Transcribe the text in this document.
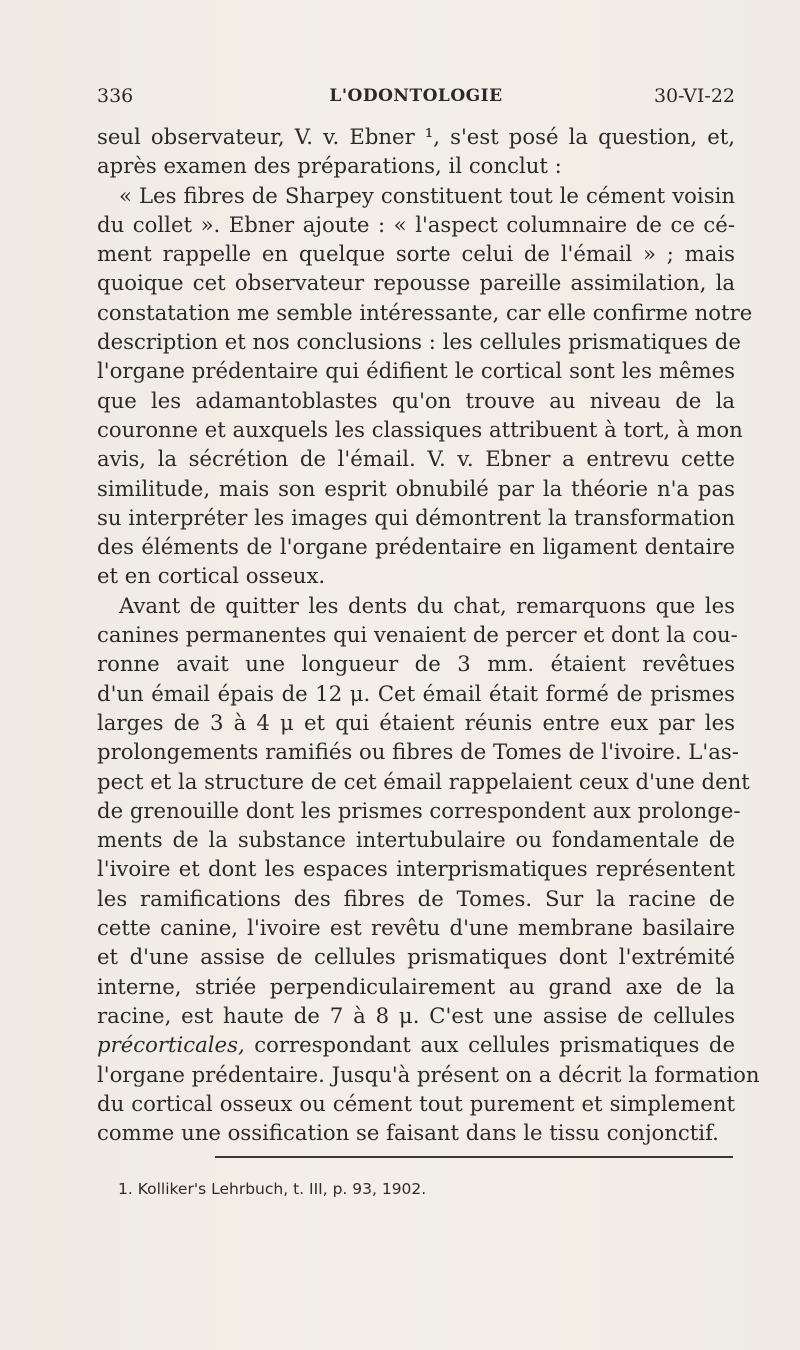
336	L'ODONTOLOGIE	30-VI-22
seul observateur, V. v. Ebner ¹, s'est posé la question, et,
après examen des préparations, il conclut :
« Les fibres de Sharpey constituent tout le cément voisin
du collet ». Ebner ajoute : « l'aspect columnaire de ce cé-
ment rappelle en quelque sorte celui de l'émail » ; mais
quoique cet observateur repousse pareille assimilation, la
constatation me semble intéressante, car elle confirme notre
description et nos conclusions : les cellules prismatiques de
l'organe prédentaire qui édifient le cortical sont les mêmes
que les adamantoblastes qu'on trouve au niveau de la
couronne et auxquels les classiques attribuent à tort, à mon
avis, la sécrétion de l'émail. V. v. Ebner a entrevu cette
similitude, mais son esprit obnubilé par la théorie n'a pas
su interpréter les images qui démontrent la transformation
des éléments de l'organe prédentaire en ligament dentaire
et en cortical osseux.
Avant de quitter les dents du chat, remarquons que les
canines permanentes qui venaient de percer et dont la cou-
ronne avait une longueur de 3 mm. étaient revêtues
d'un émail épais de 12 μ. Cet émail était formé de prismes
larges de 3 à 4 μ et qui étaient réunis entre eux par les
prolongements ramifiés ou fibres de Tomes de l'ivoire. L'as-
pect et la structure de cet émail rappelaient ceux d'une dent
de grenouille dont les prismes correspondent aux prolonge-
ments de la substance intertubulaire ou fondamentale de
l'ivoire et dont les espaces interprismatiques représentent
les ramifications des fibres de Tomes. Sur la racine de
cette canine, l'ivoire est revêtu d'une membrane basilaire
et d'une assise de cellules prismatiques dont l'extrémité
interne, striée perpendiculairement au grand axe de la
racine, est haute de 7 à 8 μ. C'est une assise de cellules
précorticales, correspondant aux cellules prismatiques de
l'organe prédentaire. Jusqu'à présent on a décrit la formation
du cortical osseux ou cément tout purement et simplement
comme une ossification se faisant dans le tissu conjonctif.
1. Kolliker's Lehrbuch, t. III, p. 93, 1902.
